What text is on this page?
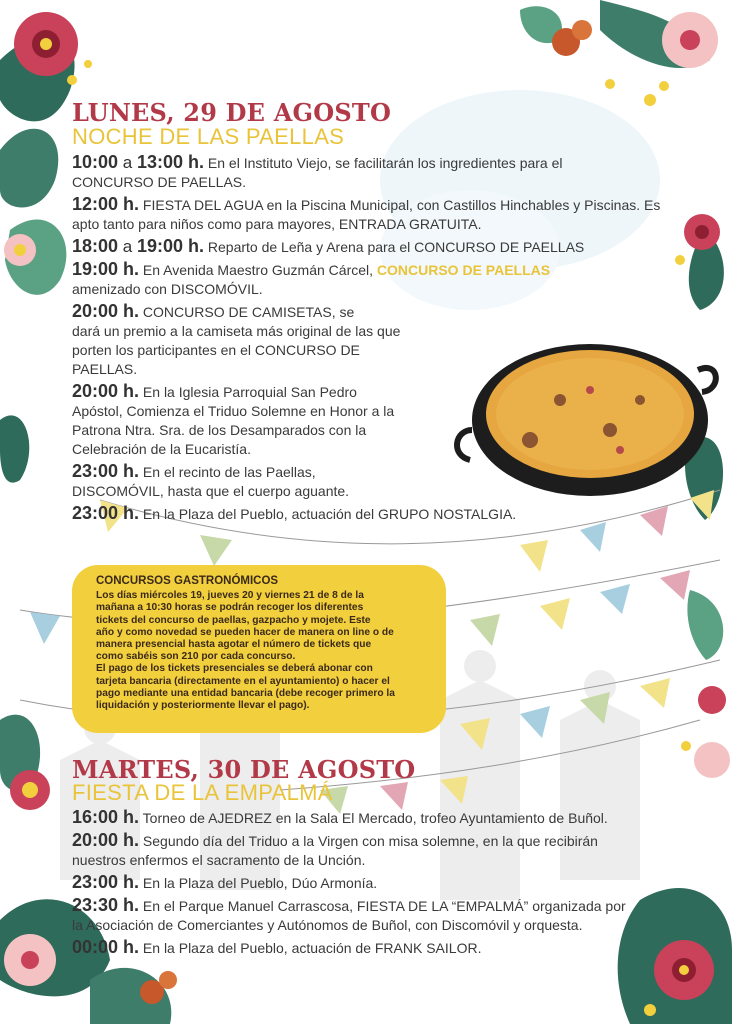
LUNES, 29 DE AGOSTO
NOCHE DE LAS PAELLAS
10:00 a 13:00 h. En el Instituto Viejo, se facilitarán los ingredientes para el
CONCURSO DE PAELLAS.
12:00 h. FIESTA DEL AGUA en la Piscina Municipal, con Castillos Hinchables y Piscinas. Es
apto tanto para niños como para mayores, ENTRADA GRATUITA.
18:00 a 19:00 h. Reparto de Leña y Arena para el CONCURSO DE PAELLAS
19:00 h. En Avenida Maestro Guzmán Cárcel, CONCURSO DE PAELLAS
amenizado con DISCOMÓVIL.
20:00 h. CONCURSO DE CAMISETAS, se
dará un premio a la camiseta más original de las que
porten los participantes en el CONCURSO DE
PAELLAS.
20:00 h. En la Iglesia Parroquial San Pedro
Apóstol, Comienza el Triduo Solemne en Honor a la
Patrona Ntra. Sra. de los Desamparados con la
Celebración de la Eucaristía.
23:00 h. En el recinto de las Paellas,
DISCOMÓVIL, hasta que el cuerpo aguante.
23:00 h. En la Plaza del Pueblo, actuación del GRUPO NOSTALGIA.
CONCURSOS GASTRONÓMICOS

Los días miércoles 19, jueves 20 y viernes 21 de 8 de la

mañana a 10:30 horas se podrán recoger los diferentes

tickets del concurso de paellas, gazpacho y mojete. Este

año y como novedad se pueden hacer de manera on line o de

manera presencial hasta agotar el número de tickets que

como sabéis son 210 por cada concurso.

El pago de los tickets presenciales se deberá abonar con

tarjeta bancaria (directamente en el ayuntamiento) o hacer el

pago mediante una entidad bancaria (debe recoger primero la

liquidación y posteriormente llevar el pago).

MARTES, 30 DE AGOSTO
FIESTA DE LA EMPALMÁ
16:00 h. Torneo de AJEDREZ en la Sala El Mercado, trofeo Ayuntamiento de Buñol.
20:00 h. Segundo día del Triduo a la Virgen con misa solemne, en la que recibirán
nuestros enfermos el sacramento de la Unción.
23:00 h. En la Plaza del Pueblo, Dúo Armonía.
23:30 h. En el Parque Manuel Carrascosa, FIESTA DE LA “EMPALMÁ” organizada por
la Asociación de Comerciantes y Autónomos de Buñol, con Discomóvil y orquesta.
00:00 h. En la Plaza del Pueblo, actuación de FRANK SAILOR.
